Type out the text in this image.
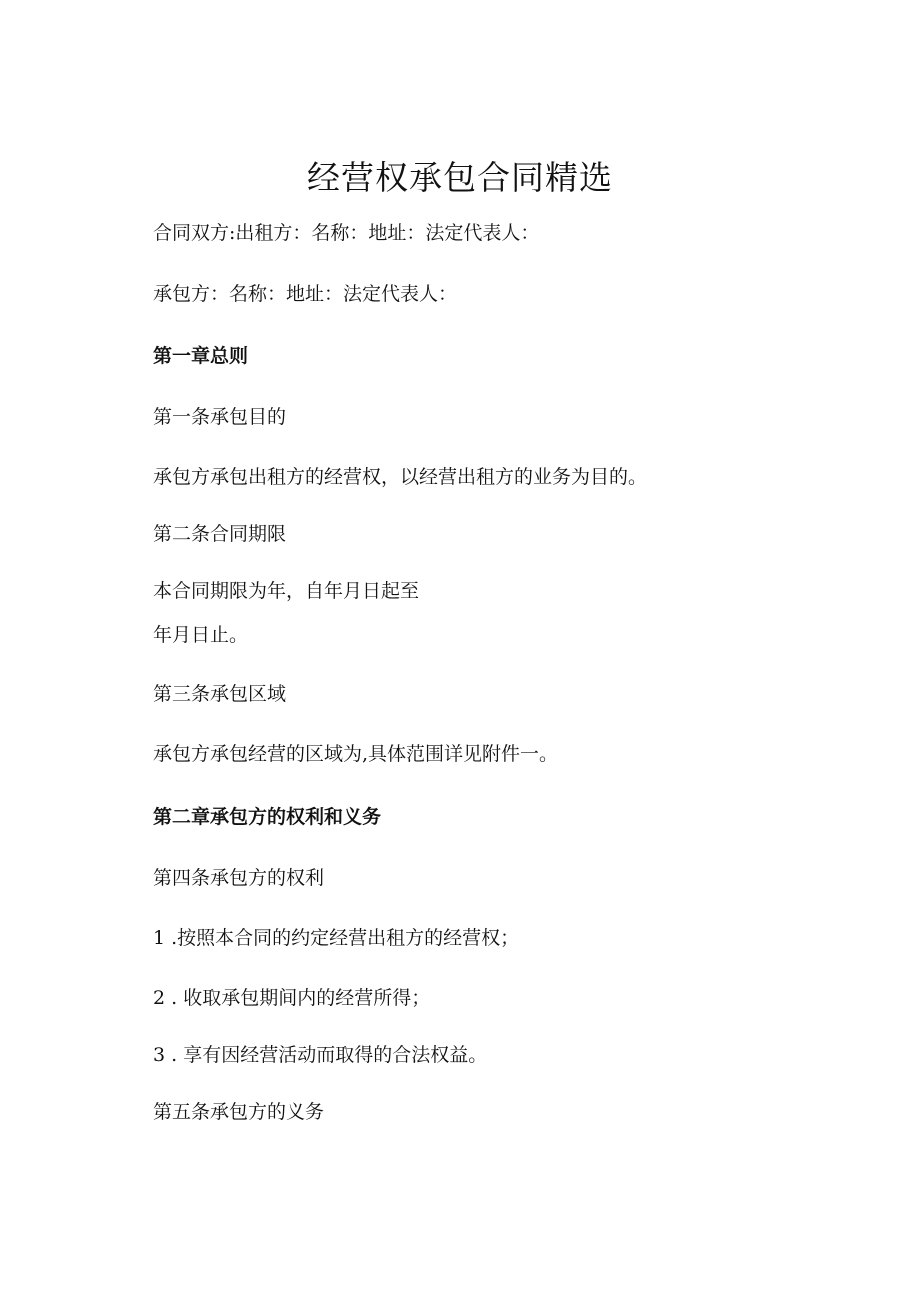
经营权承包合同精选

合同双方:出租方：名称：地址：法定代表人：

承包方：名称：地址：法定代表人：

第一章总则

第一条承包目的

承包方承包出租方的经营权，以经营出租方的业务为目的。

第二条合同期限

本合同期限为年，自年月日起至

年月日止。

第三条承包区域

承包方承包经营的区域为,具体范围详见附件一。

第二章承包方的权利和义务

第四条承包方的权利

1 .按照本合同的约定经营出租方的经营权；

2 . 收取承包期间内的经营所得；

3 . 享有因经营活动而取得的合法权益。

第五条承包方的义务
